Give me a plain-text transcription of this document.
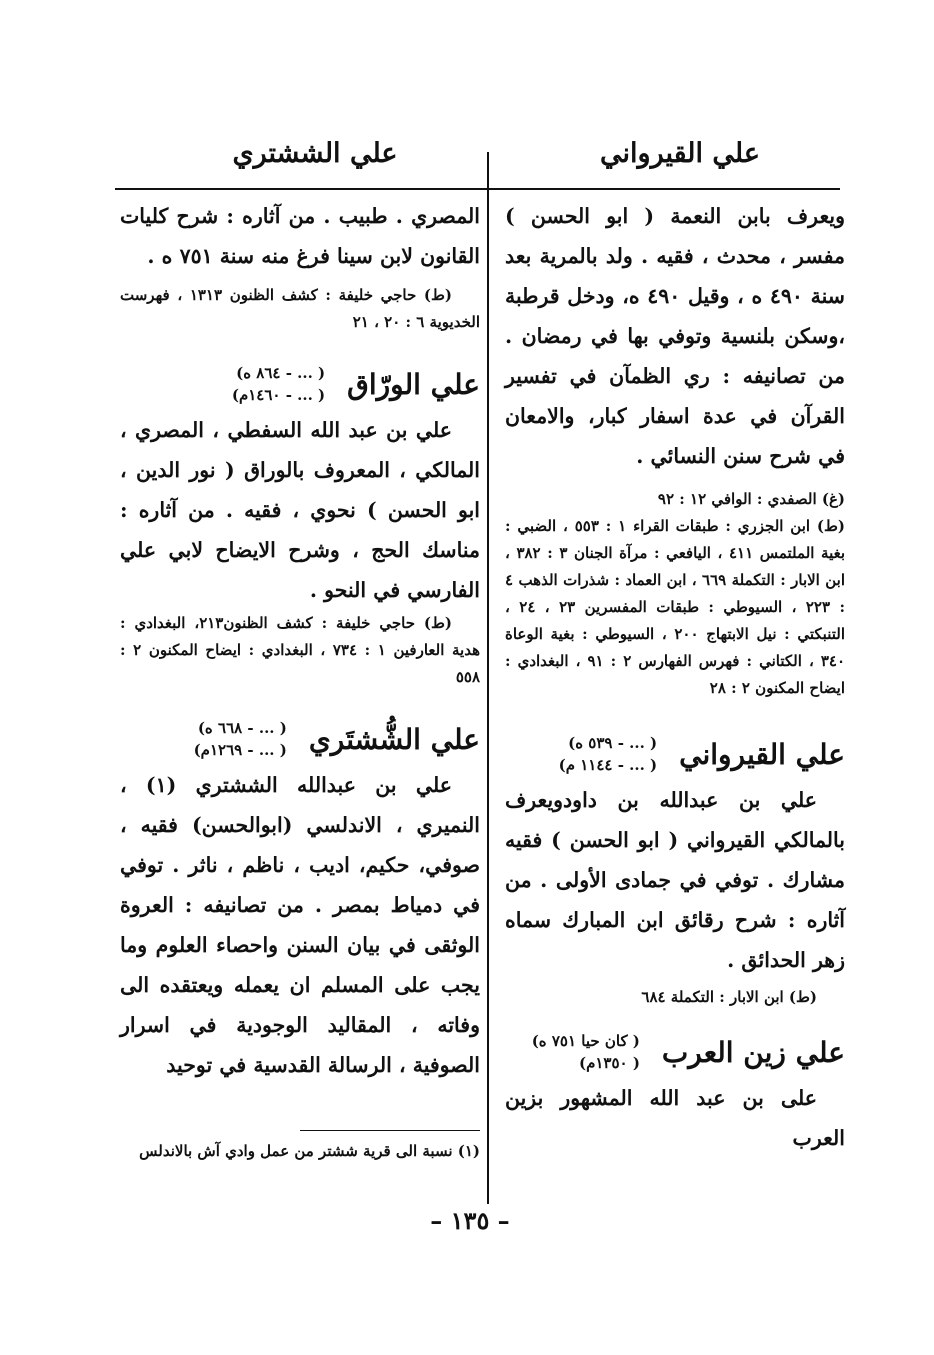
علي القيرواني
علي الششتري

ويعرف بابن النعمة ( ابو الحسن ) مفسر ، محدث ، فقيه . ولد بالمرية بعد سنة ٤٩٠ ه ، وقيل ٤٩٠ ه، ودخل قرطبة ،وسكن بلنسية وتوفي بها في رمضان . من تصانيفه : ري الظمآن في تفسير القرآن في عدة اسفار كبار، والامعان في شرح سنن النسائي .

(غ) الصفدي : الوافي ١٢ : ٩٢

(ط) ابن الجزري : طبقات القراء ١ : ٥٥٣ ، الضبي : بغية الملتمس ٤١١ ، اليافعي : مرآة الجنان ٣ : ٣٨٢ ، ابن الابار : التكملة ٦٦٩ ، ابن العماد : شذرات الذهب ٤ : ٢٢٣ ، السيوطي : طبقات المفسرين ٢٣ ، ٢٤ ، التنبكتي : نيل الابتهاج ٢٠٠ ، السيوطي : بغية الوعاة ٣٤٠ ، الكتاني : فهرس الفهارس ٢ : ٩١ ، البغدادي : ايضاح المكنون ٢ : ٢٨

علي القيرواني
( ... - ٥٣٩ ه)
( ... - ١١٤٤ م)

علي بن عبدالله بن داودويعرف بالمالكي القيرواني ( ابو الحسن ) فقيه مشارك . توفي في جمادى الأولى . من آثاره : شرح رقائق ابن المبارك سماه زهر الحدائق .

(ط) ابن الابار : التكملة ٦٨٤

علي زين العرب
( كان حيا ٧٥١ ه)
( ١٣٥٠م)

على بن عبد الله المشهور بزين العرب

المصري . طبيب . من آثاره : شرح كليات القانون لابن سينا فرغ منه سنة ٧٥١ ه .

(ط) حاجي خليفة : كشف الظنون ١٣١٣ ، فهرست الخديوية ٦ : ٢٠ ، ٢١

علي الورّاق
( ... - ٨٦٤ ه)
( ... - ١٤٦٠م)

علي بن عبد الله السفطي ، المصري ، المالكي ، المعروف بالوراق ( نور الدين ، ابو الحسن ) نحوي ، فقيه . من آثاره : مناسك الحج ، وشرح الايضاح لابي علي الفارسي في النحو .

(ط) حاجي خليفة : كشف الظنون٢١٣، البغدادي : هدية العارفين ١ : ٧٣٤ ، البغدادي : ايضاح المكنون ٢ : ٥٥٨

علي الشُّشتَري
( ... - ٦٦٨ ه)
( ... - ١٢٦٩م)

علي بن عبدالله الششتري (١) ، النميري ، الاندلسي (ابوالحسن) فقيه ، صوفي، حكيم، اديب ، ناظم ، ناثر . توفي في دمياط بمصر . من تصانيفه : العروة الوثقى في بيان السنن واحصاء العلوم وما يجب على المسلم ان يعمله ويعتقده الى وفاته ، المقاليد الوجودية في اسرار الصوفية ، الرسالة القدسية في توحيد

(١) نسبة الى قرية ششتر من عمل وادي آش بالاندلس

– ١٣٥ –
